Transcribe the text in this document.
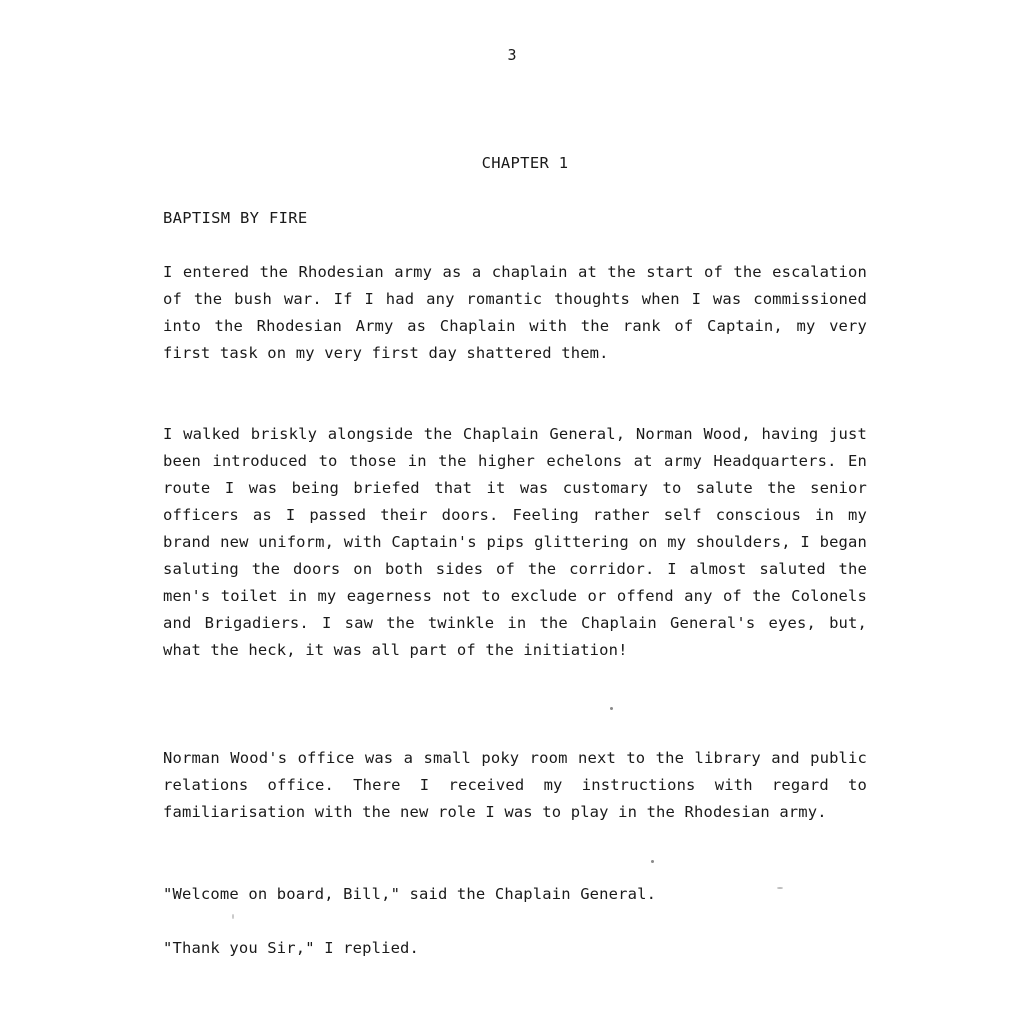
3
CHAPTER 1
BAPTISM BY FIRE

I entered the Rhodesian army as a chaplain at the start of the escalation of the bush war. If I had any romantic thoughts when I was commissioned into the Rhodesian Army as Chaplain with the rank of Captain, my very first task on my very first day shattered them.

I walked briskly alongside the Chaplain General, Norman Wood, having just been introduced to those in the higher echelons at army Headquarters. En route I was being briefed that it was customary to salute the senior officers as I passed their doors. Feeling rather self conscious in my brand new uniform, with Captain's pips glittering on my shoulders, I began saluting the doors on both sides of the corridor. I almost saluted the men's toilet in my eagerness not to exclude or offend any of the Colonels and Brigadiers. I saw the twinkle in the Chaplain General's eyes, but, what the heck, it was all part of the initiation!

Norman Wood's office was a small poky room next to the library and public relations office. There I received my instructions with regard to familiarisation with the new role I was to play in the Rhodesian army.

"Welcome on board, Bill," said the Chaplain General.

"Thank you Sir," I replied.
